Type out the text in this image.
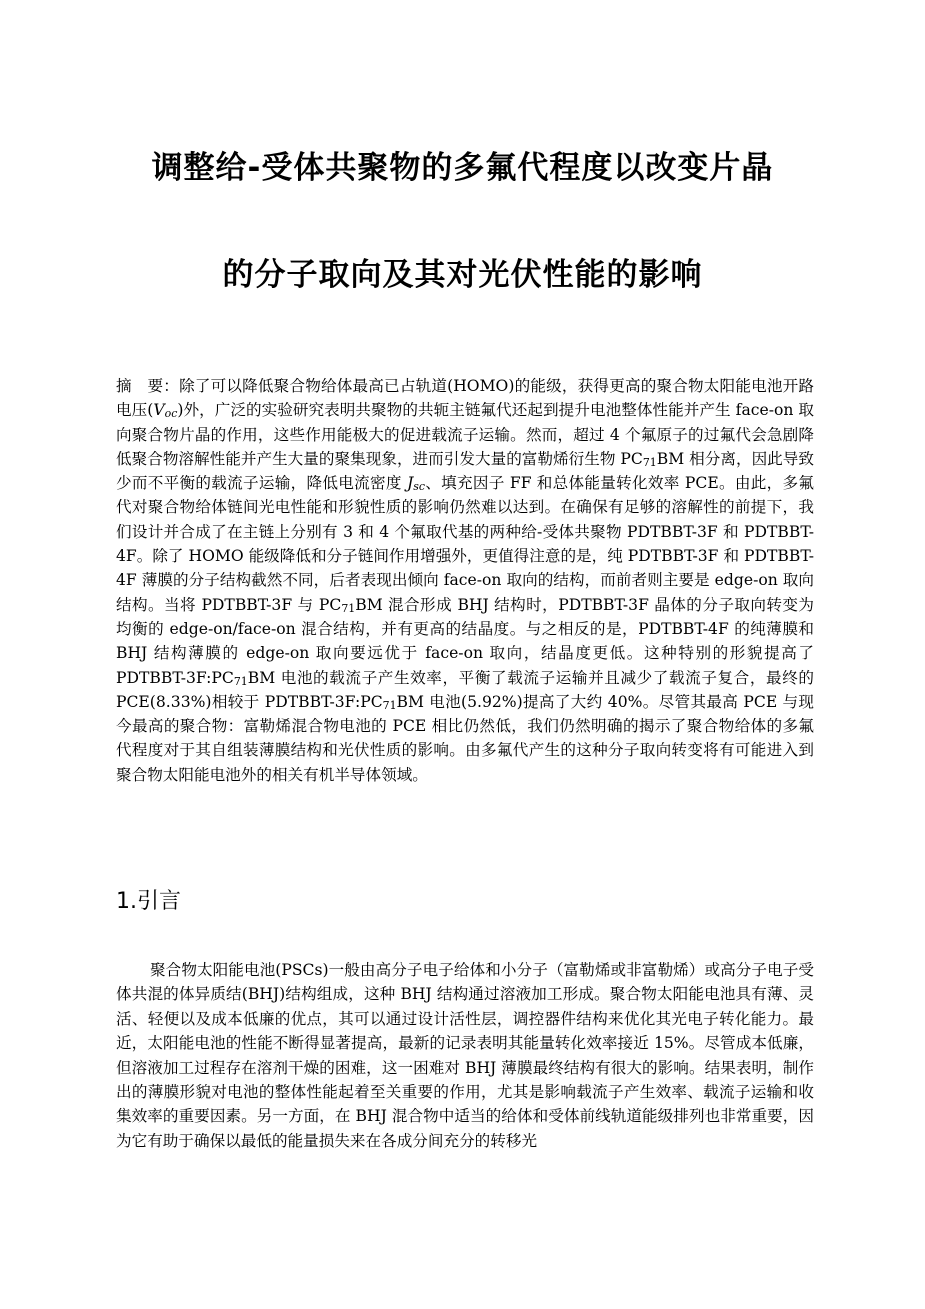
调整给-受体共聚物的多氟代程度以改变片晶
的分子取向及其对光伏性能的影响

摘　要：除了可以降低聚合物给体最高已占轨道(HOMO)的能级，获得更高的聚合物太阳能电池开路电压$(V_{oc})$外，广泛的实验研究表明共聚物的共轭主链氟代还起到提升电池整体性能并产生 face-on 取向聚合物片晶的作用，这些作用能极大的促进载流子运输。然而，超过 4 个氟原子的过氟代会急剧降低聚合物溶解性能并产生大量的聚集现象，进而引发大量的富勒烯衍生物 $PC_{71}BM$ 相分离，因此导致少而不平衡的载流子运输，降低电流密度 $J_{sc}$、填充因子 FF 和总体能量转化效率 PCE。由此，多氟代对聚合物给体链间光电性能和形貌性质的影响仍然难以达到。在确保有足够的溶解性的前提下，我们设计并合成了在主链上分别有 3 和 4 个氟取代基的两种给-受体共聚物 PDTBBT-3F 和 PDTBBT-4F。除了 HOMO 能级降低和分子链间作用增强外，更值得注意的是，纯 PDTBBT-3F 和 PDTBBT-4F 薄膜的分子结构截然不同，后者表现出倾向 face-on 取向的结构，而前者则主要是 edge-on 取向结构。当将 PDTBBT-3F 与 $PC_{71}BM$ 混合形成 BHJ 结构时，PDTBBT-3F 晶体的分子取向转变为均衡的 edge-on/face-on 混合结构，并有更高的结晶度。与之相反的是，PDTBBT-4F 的纯薄膜和 BHJ 结构薄膜的 edge-on 取向要远优于 face-on 取向，结晶度更低。这种特别的形貌提高了 PDTBBT-$3F:PC_{71}BM$ 电池的载流子产生效率，平衡了载流子运输并且减少了载流子复合，最终的 PCE(8.33%)相较于 PDTBBT-$3F:PC_{71}BM$ 电池(5.92%)提高了大约 40%。尽管其最高 PCE 与现今最高的聚合物：富勒烯混合物电池的 PCE 相比仍然低，我们仍然明确的揭示了聚合物给体的多氟代程度对于其自组装薄膜结构和光伏性质的影响。由多氟代产生的这种分子取向转变将有可能进入到聚合物太阳能电池外的相关有机半导体领域。

1.引言

聚合物太阳能电池(PSCs)一般由高分子电子给体和小分子（富勒烯或非富勒烯）或高分子电子受体共混的体异质结(BHJ)结构组成，这种 BHJ 结构通过溶液加工形成。聚合物太阳能电池具有薄、灵活、轻便以及成本低廉的优点，其可以通过设计活性层，调控器件结构来优化其光电子转化能力。最近，太阳能电池的性能不断得显著提高，最新的记录表明其能量转化效率接近 15%。尽管成本低廉，但溶液加工过程存在溶剂干燥的困难，这一困难对 BHJ 薄膜最终结构有很大的影响。结果表明，制作出的薄膜形貌对电池的整体性能起着至关重要的作用，尤其是影响载流子产生效率、载流子运输和收集效率的重要因素。另一方面，在 BHJ 混合物中适当的给体和受体前线轨道能级排列也非常重要，因为它有助于确保以最低的能量损失来在各成分间充分的转移光
